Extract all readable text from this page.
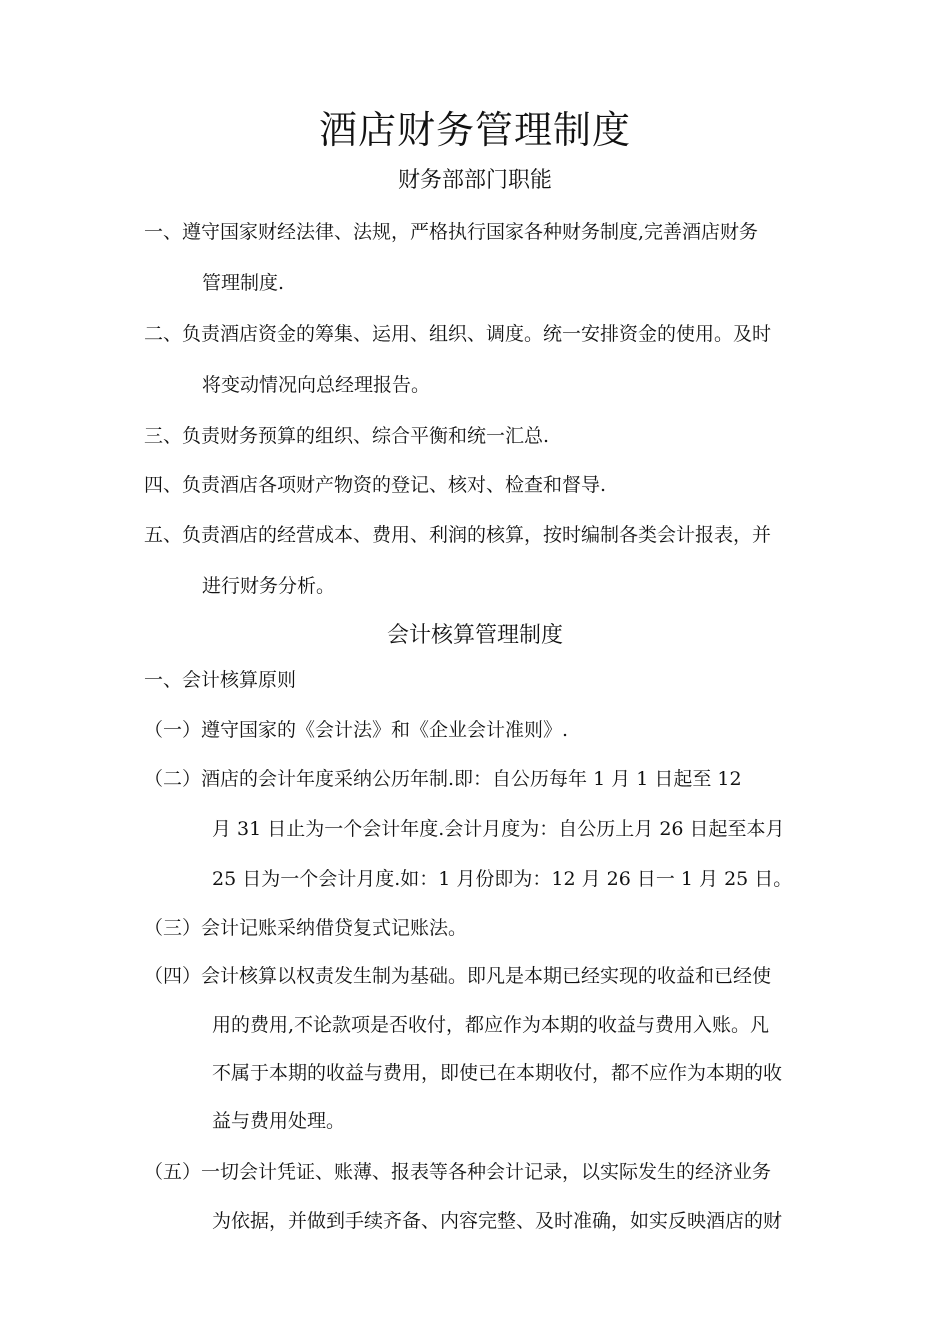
酒店财务管理制度
财务部部门职能
一、遵守国家财经法律、法规，严格执行国家各种财务制度,完善酒店财务
管理制度.
二、负责酒店资金的筹集、运用、组织、调度。统一安排资金的使用。及时
将变动情况向总经理报告。
三、负责财务预算的组织、综合平衡和统一汇总.
四、负责酒店各项财产物资的登记、核对、检查和督导.
五、负责酒店的经营成本、费用、利润的核算，按时编制各类会计报表，并
进行财务分析。
会计核算管理制度
一、会计核算原则
（一）遵守国家的《会计法》和《企业会计准则》.
（二）酒店的会计年度采纳公历年制.即：自公历每年 1 月 1 日起至 12
月 31 日止为一个会计年度.会计月度为：自公历上月 26 日起至本月
25 日为一个会计月度.如：1 月份即为：12 月 26 日一 1 月 25 日。
（三）会计记账采纳借贷复式记账法。
（四）会计核算以权责发生制为基础。即凡是本期已经实现的收益和已经使
用的费用,不论款项是否收付，都应作为本期的收益与费用入账。凡
不属于本期的收益与费用，即使已在本期收付，都不应作为本期的收
益与费用处理。
（五）一切会计凭证、账薄、报表等各种会计记录，以实际发生的经济业务
为依据，并做到手续齐备、内容完整、及时准确，如实反映酒店的财
